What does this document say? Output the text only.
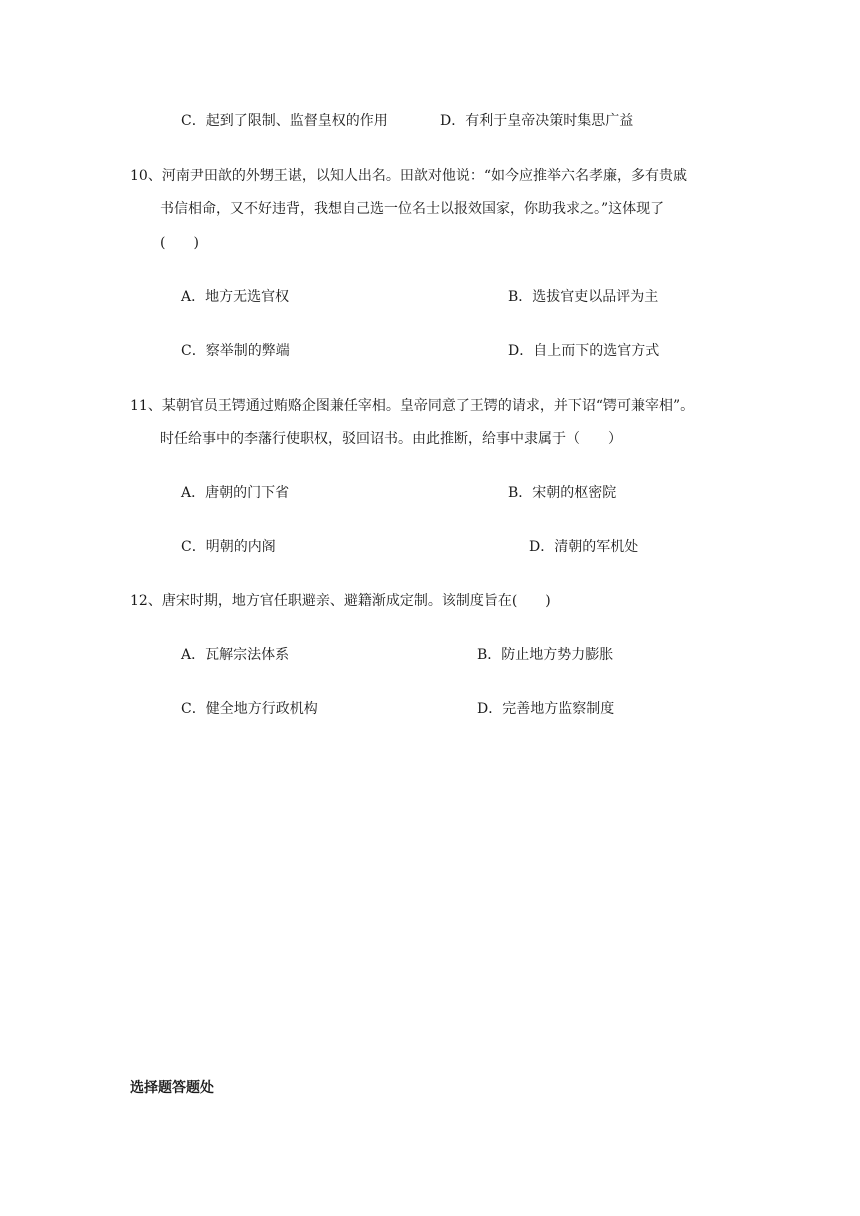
C．起到了限制、监督皇权的作用	D．有利于皇帝决策时集思广益
10、河南尹田歆的外甥王谌，以知人出名。田歆对他说：“如今应推举六名孝廉，多有贵戚
书信相命，又不好违背，我想自己选一位名士以报效国家，你助我求之。”这体现了
(　　)
A．地方无选官权	B．选拔官吏以品评为主
C．察举制的弊端	D．自上而下的选官方式
11、某朝官员王锷通过贿赂企图兼任宰相。皇帝同意了王锷的请求，并下诏“锷可兼宰相”。
时任给事中的李藩行使职权，驳回诏书。由此推断，给事中隶属于（　　）
A．唐朝的门下省	B．宋朝的枢密院
C．明朝的内阁	D．清朝的军机处
12、唐宋时期，地方官任职避亲、避籍渐成定制。该制度旨在(　　)
A．瓦解宗法体系	B．防止地方势力膨胀
C．健全地方行政机构	D．完善地方监察制度
选择题答题处
